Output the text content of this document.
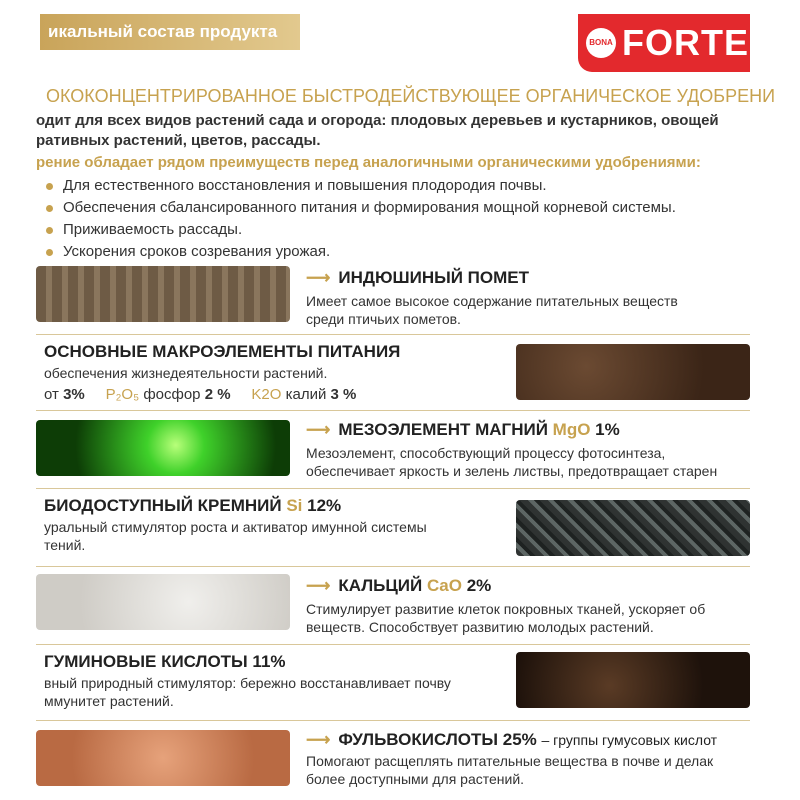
икальный состав продукта
BONA FORTE
ОКОКОНЦЕНТРИРОВАННОЕ БЫСТРОДЕЙСТВУЮЩЕЕ ОРГАНИЧЕСКОЕ УДОБРЕНИ
одит для всех видов растений сада и огорода: плодовых деревьев и кустарников, овощей
ративных растений, цветов, рассады.
рение обладает рядом преимуществ перед аналогичными органическими удобрениями:
Для естественного восстановления и повышения плодородия почвы.
Обеспечения сбалансированного питания и формирования мощной корневой системы.
Приживаемость рассады.
Ускорения сроков созревания урожая.
⟶ ИНДЮШИНЫЙ ПОМЕТ
Имеет самое высокое содержание питательных веществ
среди птичьих пометов.
ОСНОВНЫЕ МАКРОЭЛЕМЕНТЫ ПИТАНИЯ
обеспечения жизнедеятельности растений.
от 3% P₂O₅ фосфор 2 % K2O калий 3 %
⟶ МЕЗОЭЛЕМЕНТ МАГНИЙ MgO 1%
Мезоэлемент, способствующий процессу фотосинтеза,
обеспечивает яркость и зелень листвы, предотвращает старен
БИОДОСТУПНЫЙ КРЕМНИЙ Si 12%
уральный стимулятор роста и активатор имунной системы
тений.
⟶ КАЛЬЦИЙ CaO 2%
Стимулирует развитие клеток покровных тканей, ускоряет об
веществ. Способствует развитию молодых растений.
ГУМИНОВЫЕ КИСЛОТЫ 11%
вный природный стимулятор: бережно восстанавливает почву
ммунитет растений.
⟶ ФУЛЬВОКИСЛОТЫ 25% – группы гумусовых кислот
Помогают расщеплять питательные вещества в почве и делак
более доступными для растений.
